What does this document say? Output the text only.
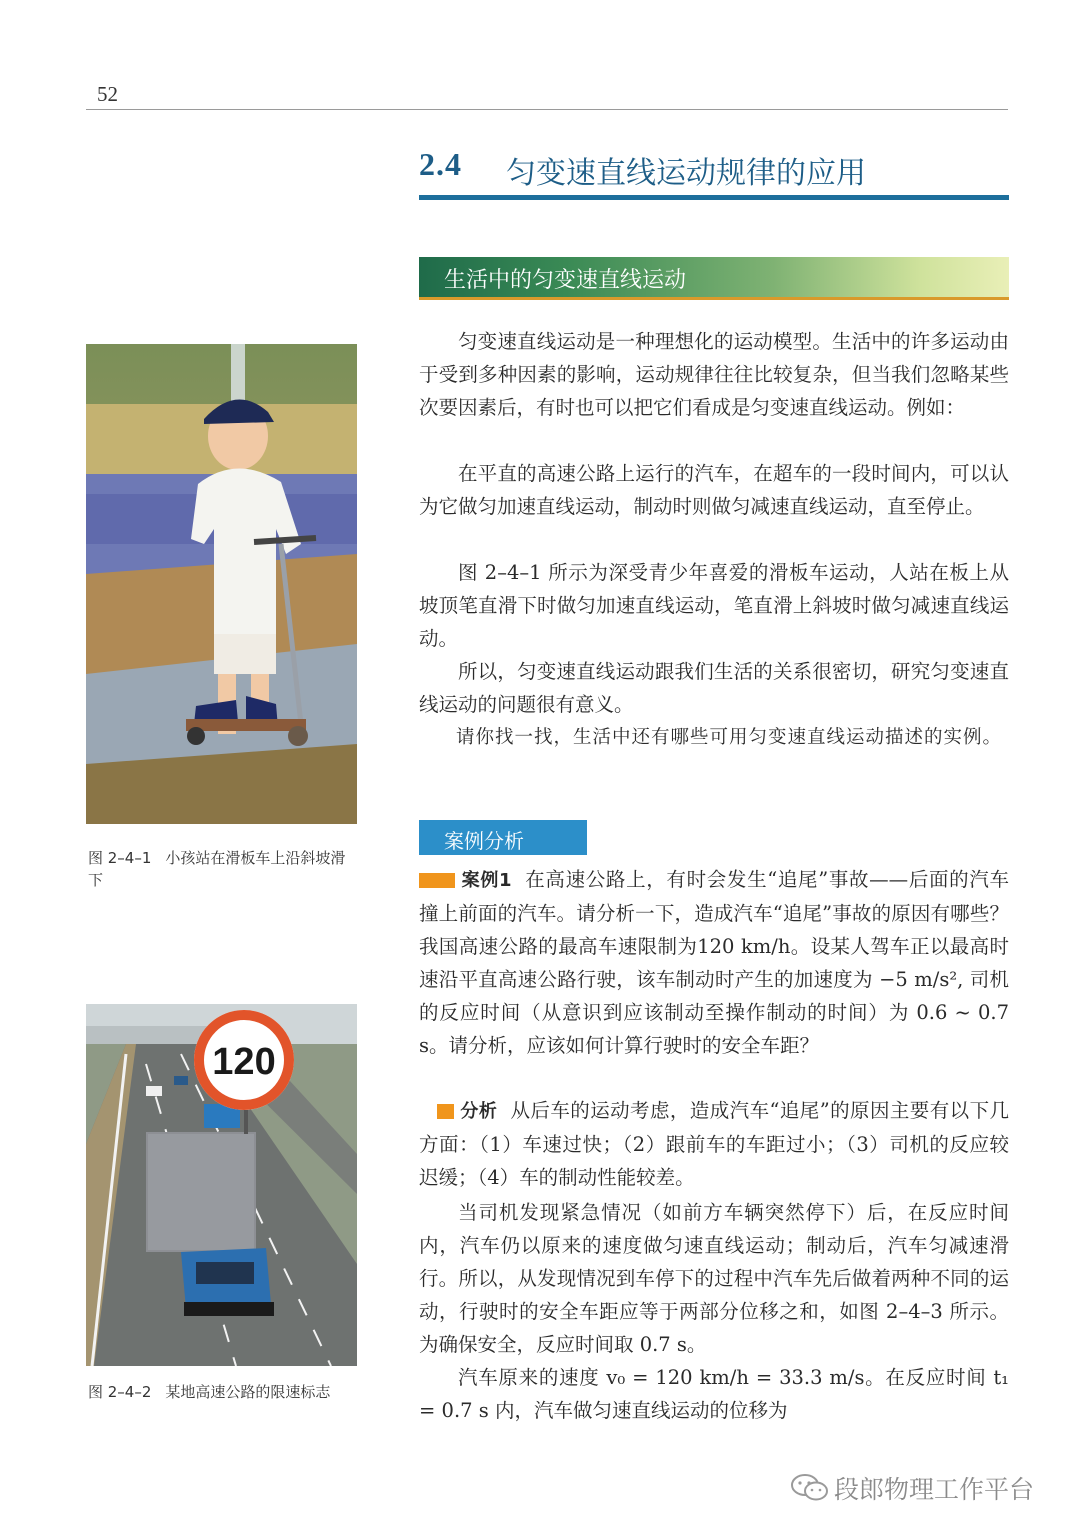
52
2.4 匀变速直线运动规律的应用
生活中的匀变速直线运动

匀变速直线运动是一种理想化的运动模型。生活中的许多运动由于受到多种因素的影响，运动规律往往比较复杂，但当我们忽略某些次要因素后，有时也可以把它们看成是匀变速直线运动。例如：

在平直的高速公路上运行的汽车，在超车的一段时间内，可以认为它做匀加速直线运动，制动时则做匀减速直线运动，直至停止。

图 2–4–1 所示为深受青少年喜爱的滑板车运动，人站在板上从坡顶笔直滑下时做匀加速直线运动，笔直滑上斜坡时做匀减速直线运动。

所以，匀变速直线运动跟我们生活的关系很密切，研究匀变速直线运动的问题很有意义。

请你找一找，生活中还有哪些可用匀变速直线运动描述的实例。

案例分析

案例1 在高速公路上，有时会发生“追尾”事故——后面的汽车撞上前面的汽车。请分析一下，造成汽车“追尾”事故的原因有哪些？我国高速公路的最高车速限制为120 km/h。设某人驾车正以最高时速沿平直高速公路行驶，该车制动时产生的加速度为 −5 m/s², 司机的反应时间（从意识到应该制动至操作制动的时间）为 0.6 ~ 0.7 s。请分析，应该如何计算行驶时的安全车距？

分析 从后车的运动考虑，造成汽车“追尾”的原因主要有以下几方面：（1）车速过快；（2）跟前车的车距过小；（3）司机的反应较迟缓；（4）车的制动性能较差。

当司机发现紧急情况（如前方车辆突然停下）后，在反应时间内，汽车仍以原来的速度做匀速直线运动；制动后，汽车匀减速滑行。所以，从发现情况到车停下的过程中汽车先后做着两种不同的运动，行驶时的安全车距应等于两部分位移之和，如图 2–4–3 所示。为确保安全，反应时间取 0.7 s。

汽车原来的速度 v₀ = 120 km/h = 33.3 m/s。在反应时间 t₁ = 0.7 s 内，汽车做匀速直线运动的位移为

图 2–4–1 小孩站在滑板车上沿斜坡滑下
120
图 2–4–2 某地高速公路的限速标志
段郎物理工作平台
